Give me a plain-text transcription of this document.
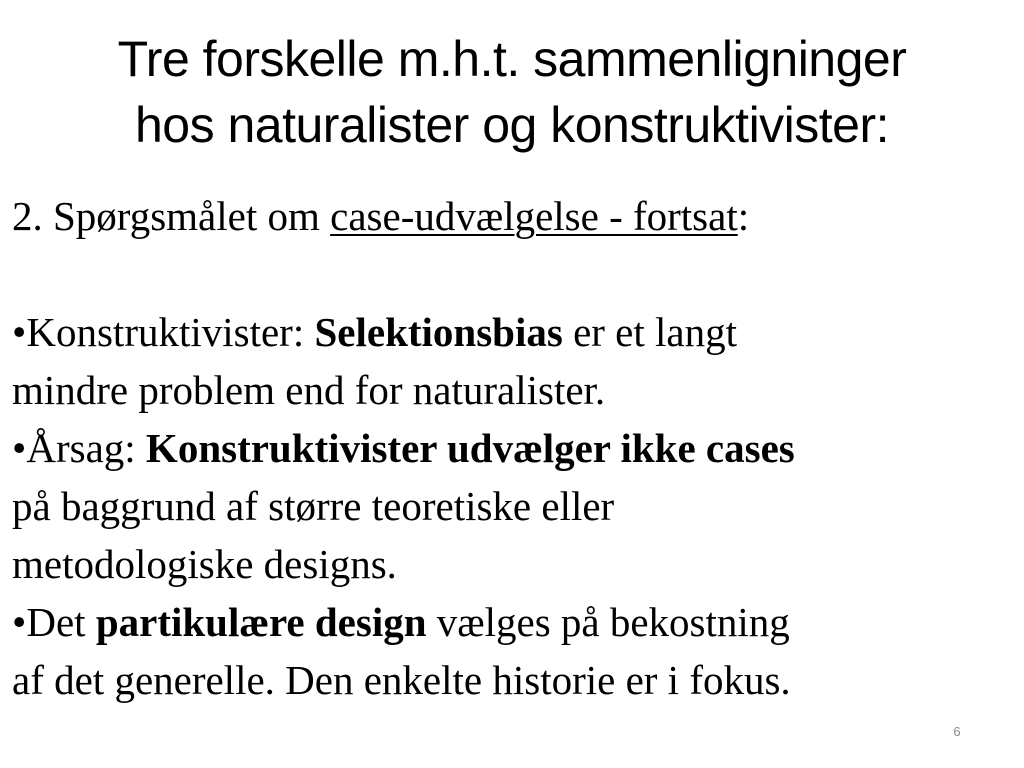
Tre forskelle m.h.t. sammenligninger
hos naturalister og konstruktivister:
2. Spørgsmålet om case-udvælgelse - fortsat:
•Konstruktivister: Selektionsbias er et langt
mindre problem end for naturalister.
•Årsag: Konstruktivister udvælger ikke cases
på baggrund af større teoretiske eller
metodologiske designs.
•Det partikulære design vælges på bekostning
af det generelle. Den enkelte historie er i fokus.
6
